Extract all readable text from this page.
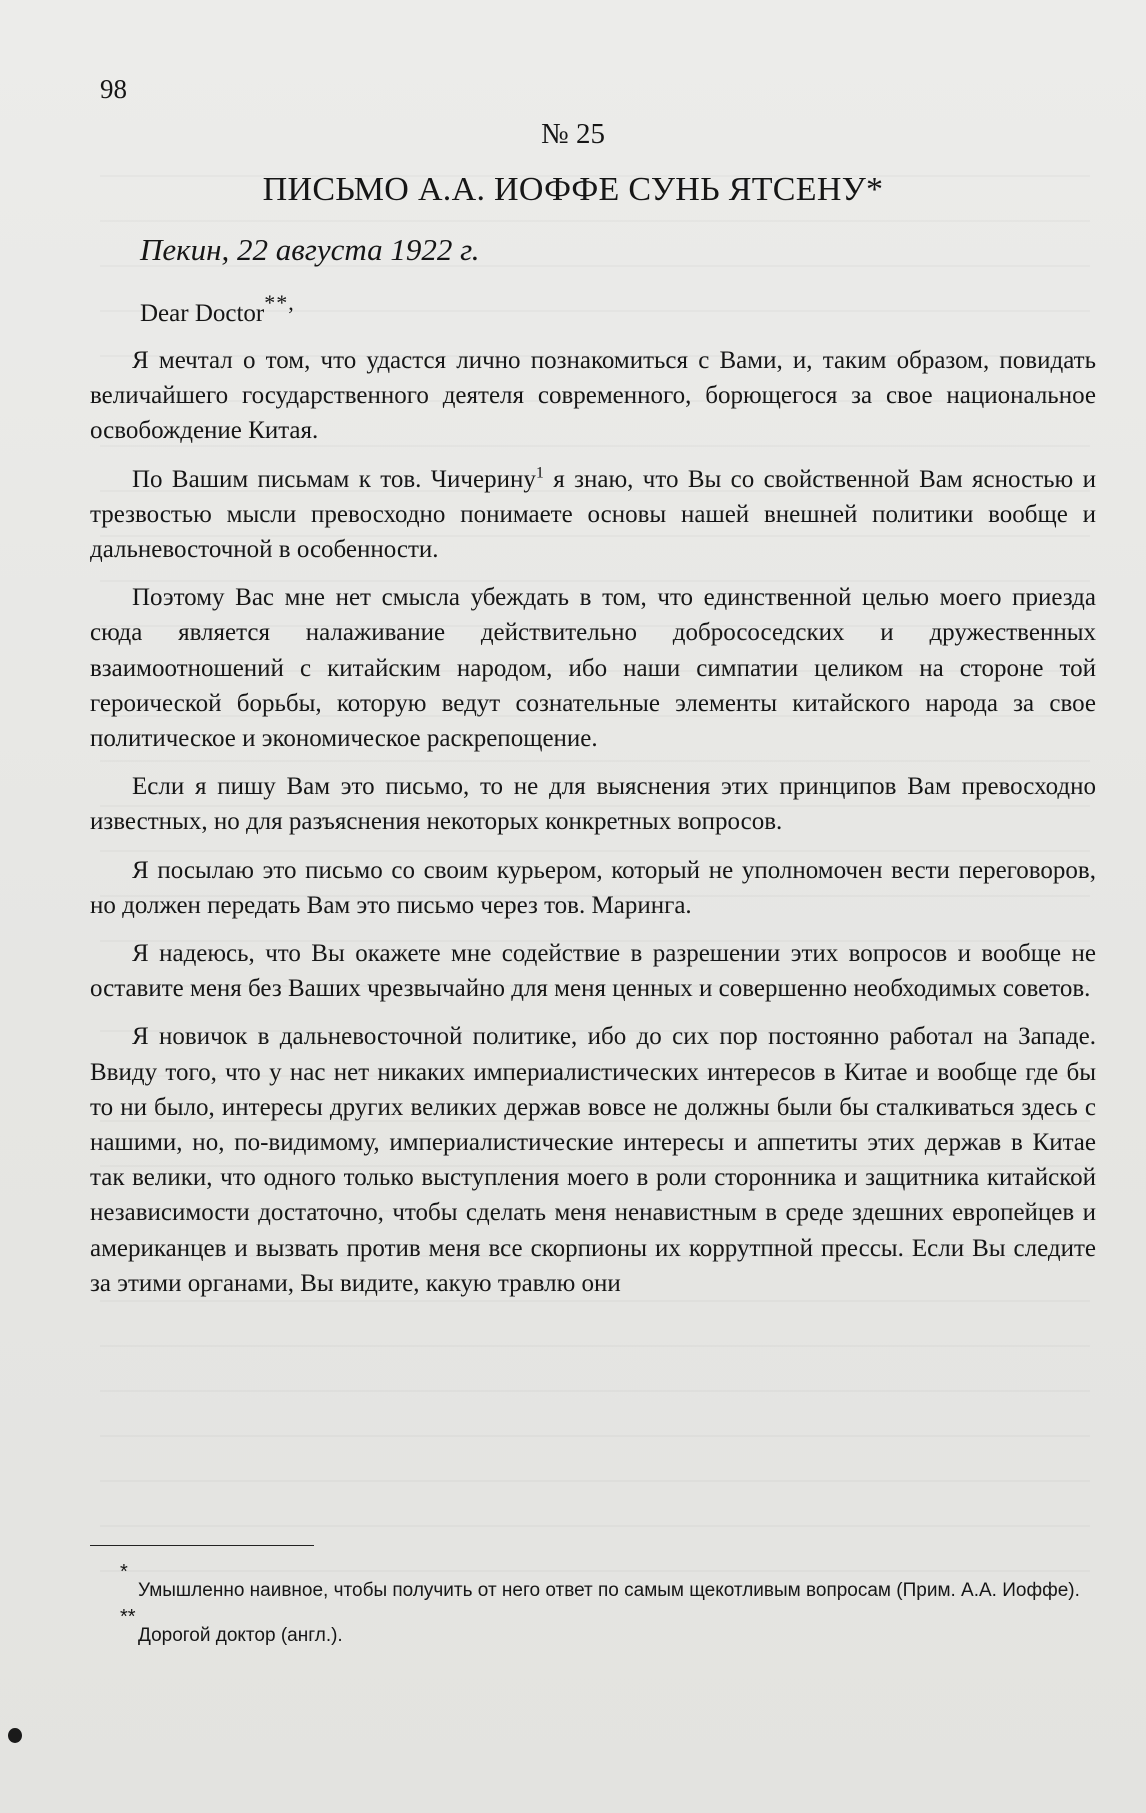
98
№ 25
ПИСЬМО А.А. ИОФФЕ СУНЬ ЯТСЕНУ*
Пекин, 22 августа 1922 г.
Dear Doctor**,

Я мечтал о том, что удастся лично познакомиться с Вами, и, таким образом, повидать величайшего государственного деятеля современного, борющегося за свое национальное освобождение Китая.

По Вашим письмам к тов. Чичерину$^1$ я знаю, что Вы со свойственной Вам ясностью и трезвостью мысли превосходно понимаете основы нашей внешней политики вообще и дальневосточной в особенности.

Поэтому Вас мне нет смысла убеждать в том, что единственной целью моего приезда сюда является налаживание действительно добрососедских и дружественных взаимоотношений с китайским народом, ибо наши симпатии целиком на стороне той героической борьбы, которую ведут сознательные элементы китайского народа за свое политическое и экономическое раскрепощение.

Если я пишу Вам это письмо, то не для выяснения этих принципов Вам превосходно известных, но для разъяснения некоторых конкретных вопросов.

Я посылаю это письмо со своим курьером, который не уполномочен вести переговоров, но должен передать Вам это письмо через тов. Маринга.

Я надеюсь, что Вы окажете мне содействие в разрешении этих вопросов и вообще не оставите меня без Ваших чрезвычайно для меня ценных и совершенно необходимых советов.

Я новичок в дальневосточной политике, ибо до сих пор постоянно работал на Западе. Ввиду того, что у нас нет никаких империалистических интересов в Китае и вообще где бы то ни было, интересы других великих держав вовсе не должны были бы сталкиваться здесь с нашими, но, по-видимому, империалистические интересы и аппетиты этих держав в Китае так велики, что одного только выступления моего в роли сторонника и защитника китайской независимости достаточно, чтобы сделать меня ненавистным в среде здешних европейцев и американцев и вызвать против меня все скорпионы их коррутпной прессы. Если Вы следите за этими органами, Вы видите, какую травлю они

*
Умышленно наивное, чтобы получить от него ответ по самым щекотливым вопросам (Прим. А.А. Иоффе).
**
Дорогой доктор (англ.).
